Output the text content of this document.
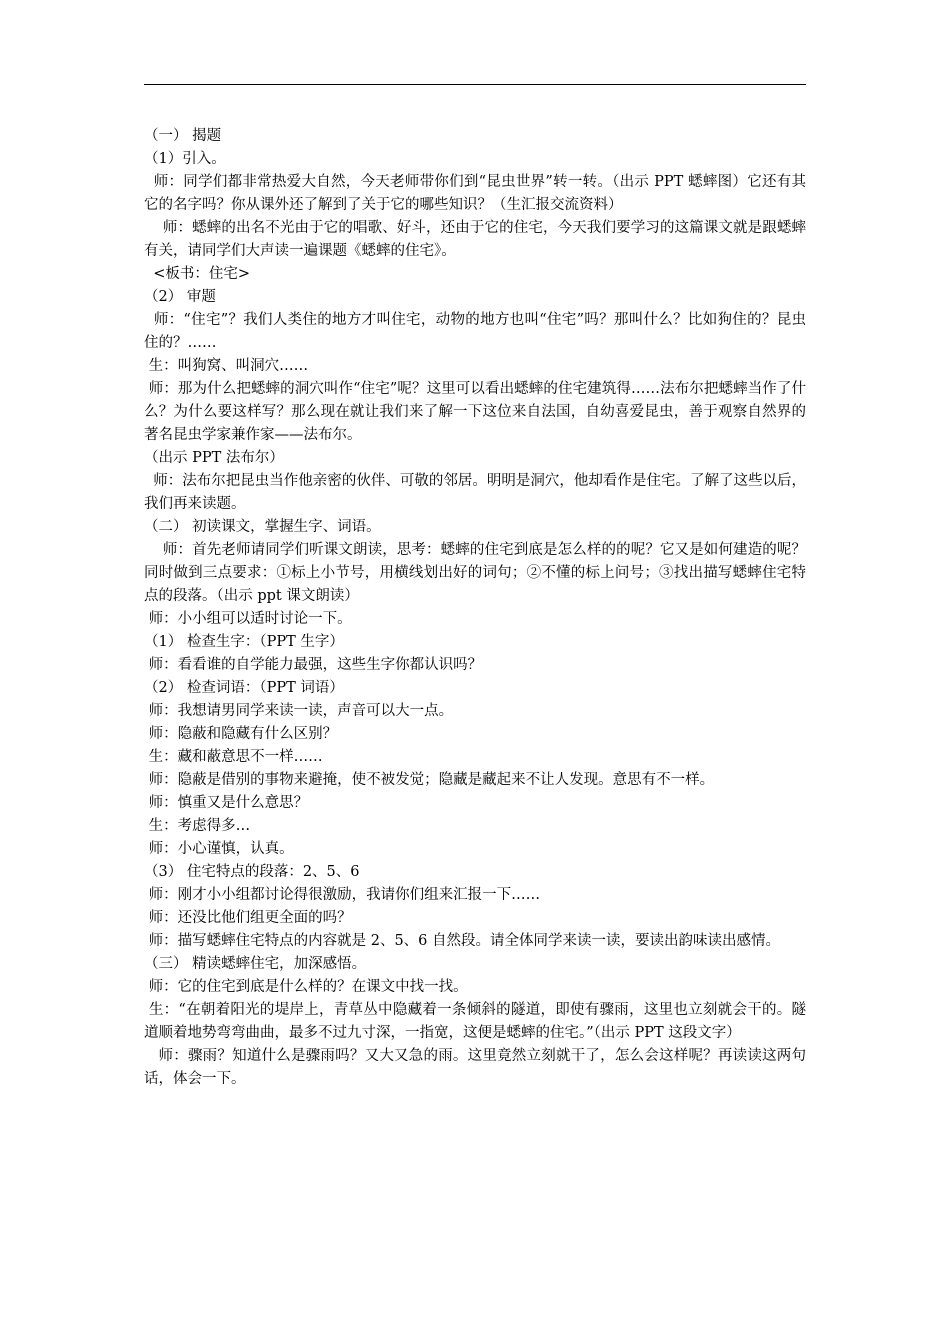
（一） 揭题

（1）引入。

师：同学们都非常热爱大自然，今天老师带你们到“昆虫世界”转一转。（出示 PPT 蟋蟀图）它还有其它的名字吗？你从课外还了解到了关于它的哪些知识？（生汇报交流资料）

师：蟋蟀的出名不光由于它的唱歌、好斗，还由于它的住宅，今天我们要学习的这篇课文就是跟蟋蟀有关，请同学们大声读一遍课题《蟋蟀的住宅》。

<板书：住宅>

（2） 审题

师：“住宅”？我们人类住的地方才叫住宅，动物的地方也叫“住宅”吗？那叫什么？比如狗住的？昆虫住的？……

生：叫狗窝、叫洞穴……

师：那为什么把蟋蟀的洞穴叫作“住宅”呢？这里可以看出蟋蟀的住宅建筑得……法布尔把蟋蟀当作了什么？为什么要这样写？那么现在就让我们来了解一下这位来自法国，自幼喜爱昆虫，善于观察自然界的著名昆虫学家兼作家——法布尔。

（出示 PPT 法布尔）

师：法布尔把昆虫当作他亲密的伙伴、可敬的邻居。明明是洞穴，他却看作是住宅。了解了这些以后，我们再来读题。

（二） 初读课文，掌握生字、词语。

师：首先老师请同学们听课文朗读，思考：蟋蟀的住宅到底是怎么样的的呢？它又是如何建造的呢？同时做到三点要求：①标上小节号，用横线划出好的词句；②不懂的标上问号；③找出描写蟋蟀住宅特点的段落。（出示 ppt 课文朗读）

师：小小组可以适时讨论一下。

（1） 检查生字：（PPT 生字）

师：看看谁的自学能力最强，这些生字你都认识吗？

（2） 检查词语：（PPT 词语）

师：我想请男同学来读一读，声音可以大一点。

师：隐蔽和隐藏有什么区别？

生：藏和蔽意思不一样……

师：隐蔽是借别的事物来避掩，使不被发觉；隐藏是藏起来不让人发现。意思有不一样。

师：慎重又是什么意思？

生：考虑得多…

师：小心谨慎，认真。

（3） 住宅特点的段落：2、5、6

师：刚才小小组都讨论得很激励，我请你们组来汇报一下……

师：还没比他们组更全面的吗？

师：描写蟋蟀住宅特点的内容就是 2、5、6 自然段。请全体同学来读一读，要读出韵味读出感情。

（三） 精读蟋蟀住宅，加深感悟。

师：它的住宅到底是什么样的？在课文中找一找。

生：“在朝着阳光的堤岸上，青草丛中隐藏着一条倾斜的隧道，即使有骤雨，这里也立刻就会干的。隧道顺着地势弯弯曲曲，最多不过九寸深，一指宽，这便是蟋蟀的住宅。”（出示 PPT 这段文字）

师：骤雨？知道什么是骤雨吗？又大又急的雨。这里竟然立刻就干了，怎么会这样呢？再读读这两句话，体会一下。
